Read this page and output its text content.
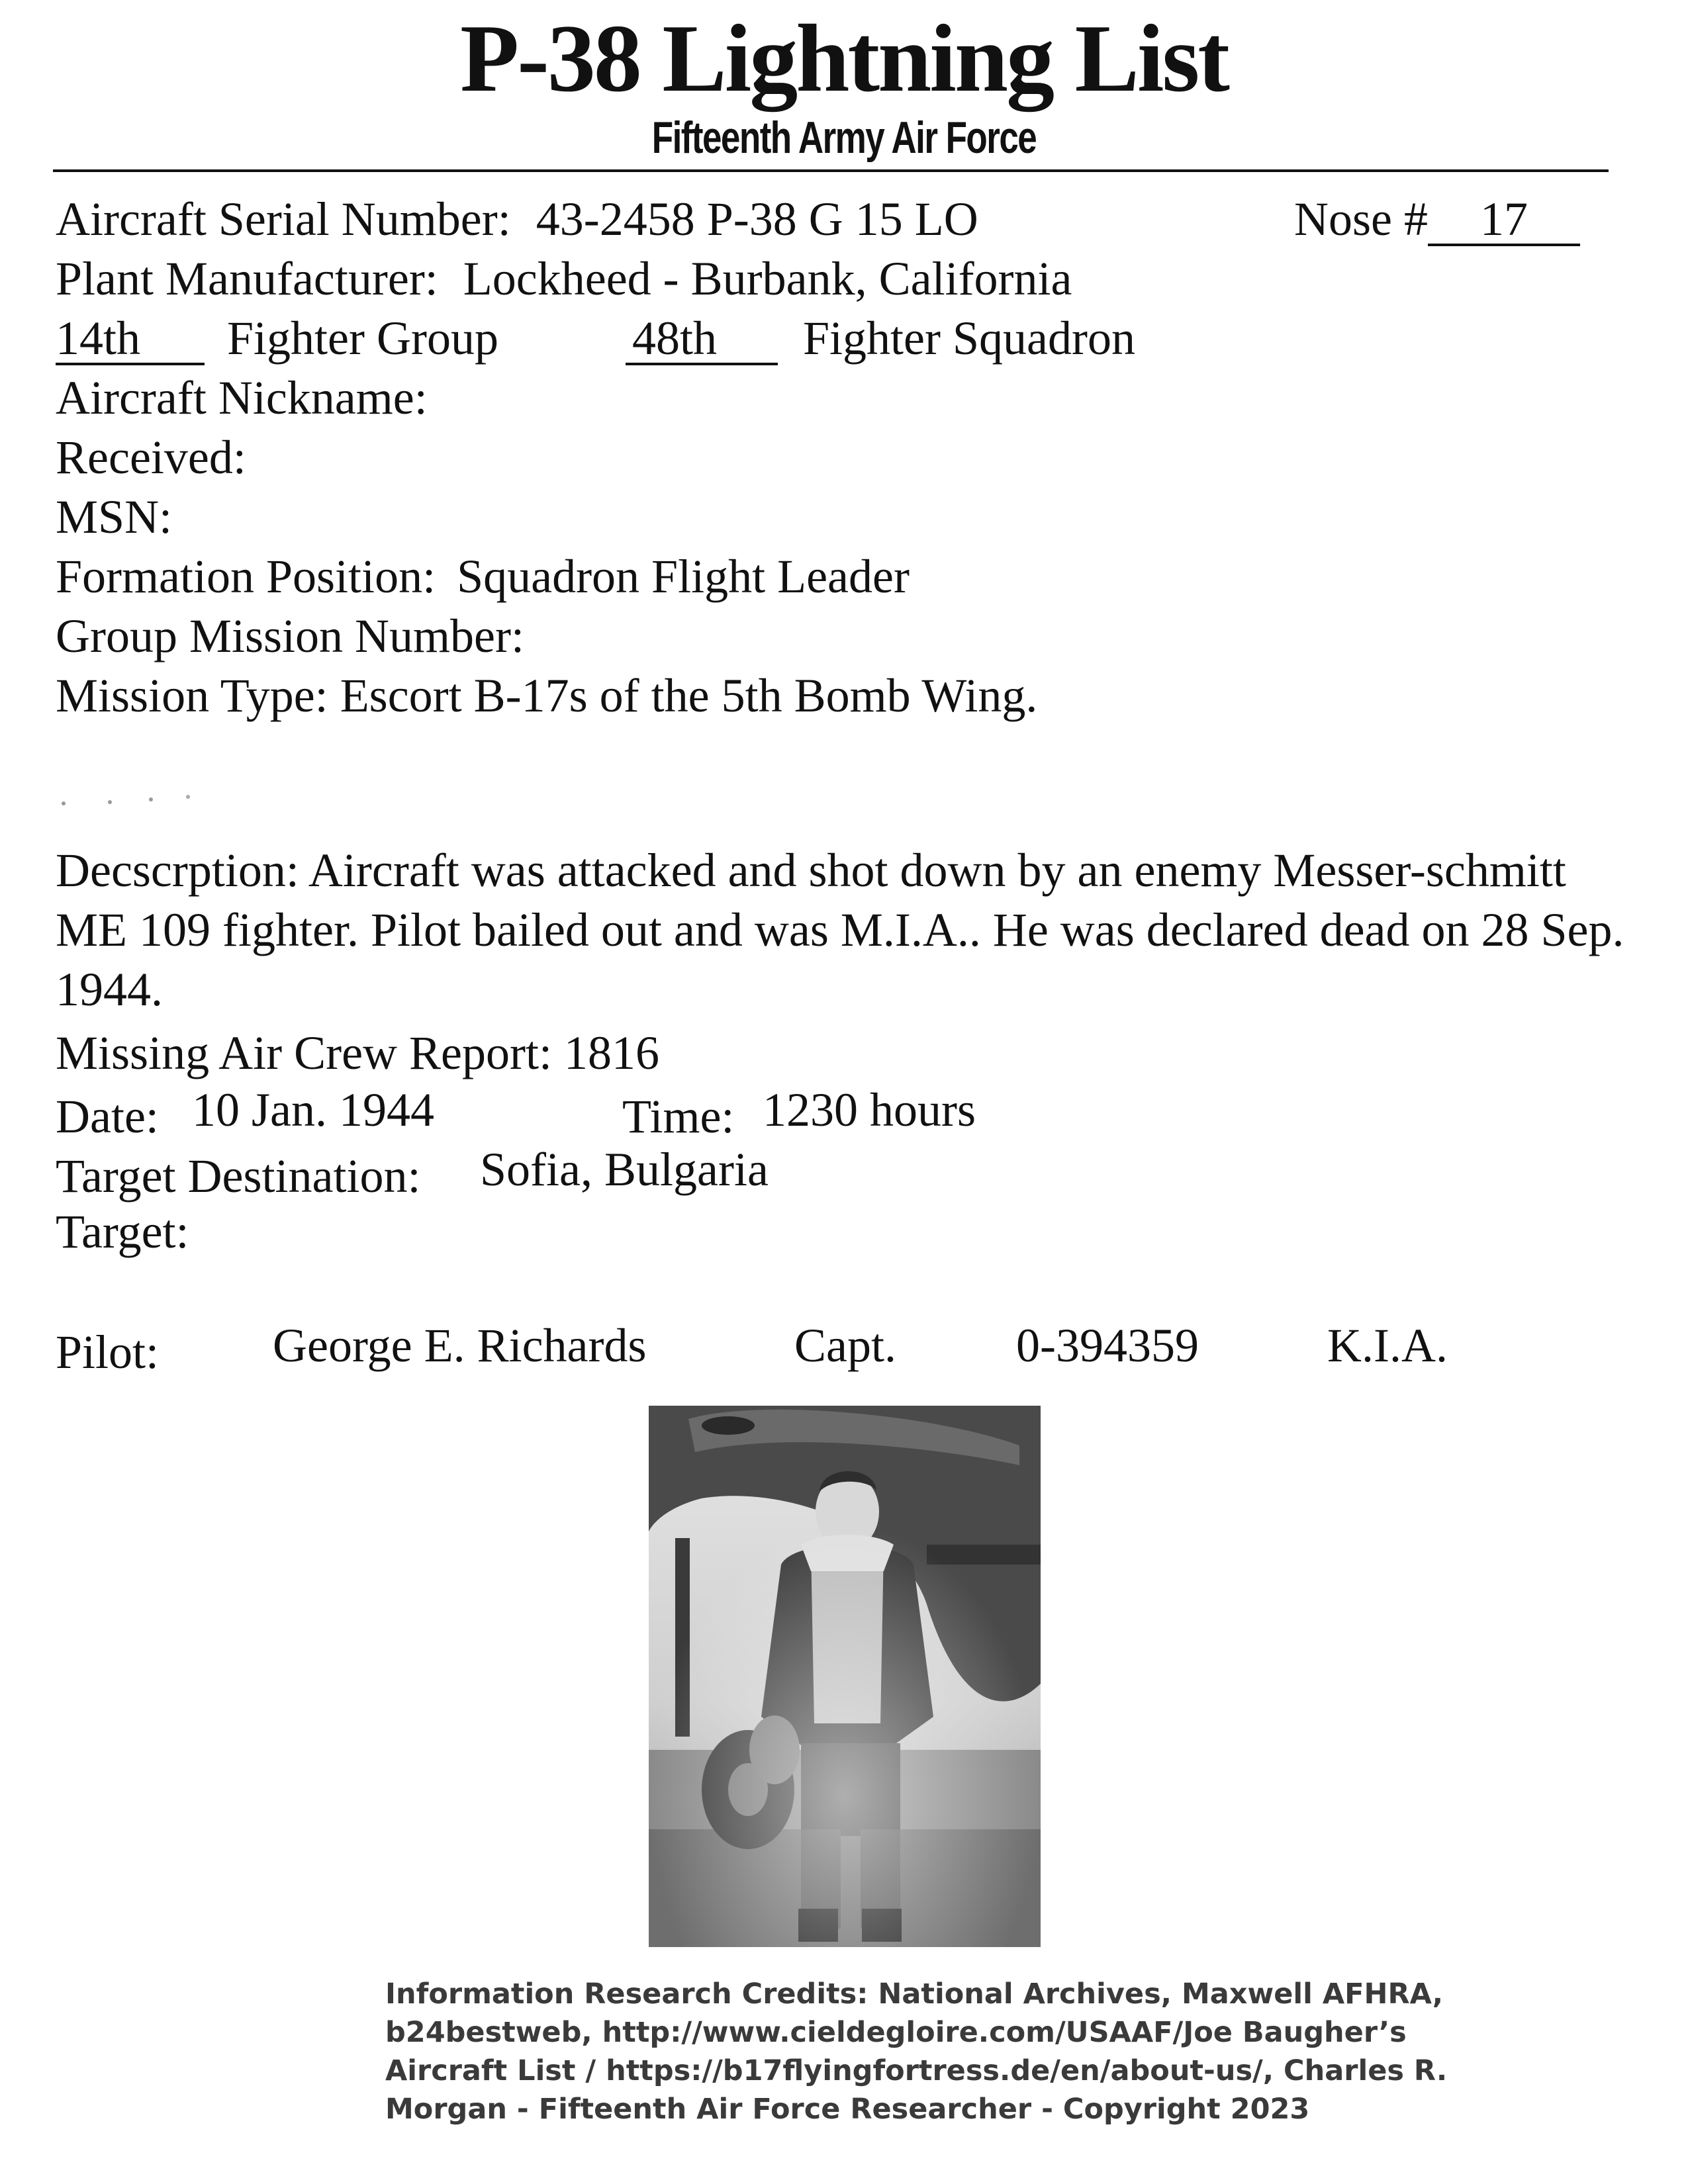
P-38 Lightning List
Fifteenth Army Air Force
Aircraft Serial Number: 43-2458 P-38 G 15 LO	Nose # 17
Plant Manufacturer: Lockheed - Burbank, California
14th Fighter Group	48th Fighter Squadron
Aircraft Nickname:
Received:
MSN:
Formation Position: Squadron Flight Leader
Group Mission Number:
Mission Type: Escort B-17s of the 5th Bomb Wing.
Decscrption: Aircraft was attacked and shot down by an enemy Messer-schmitt ME 109 fighter. Pilot bailed out and was M.I.A.. He was declared dead on 28 Sep. 1944.
Missing Air Crew Report: 1816
Date: 10 Jan. 1944	Time: 1230 hours
Target Destination: Sofia, Bulgaria
Target:
Pilot: George E. Richards	Capt.	0-394359	K.I.A.
Information Research Credits: National Archives, Maxwell AFHRA,
b24bestweb, http://www.cieldegloire.com/USAAF/Joe Baugher’s
Aircraft List / https://b17flyingfortress.de/en/about-us/, Charles R.
Morgan - Fifteenth Air Force Researcher - Copyright 2023
